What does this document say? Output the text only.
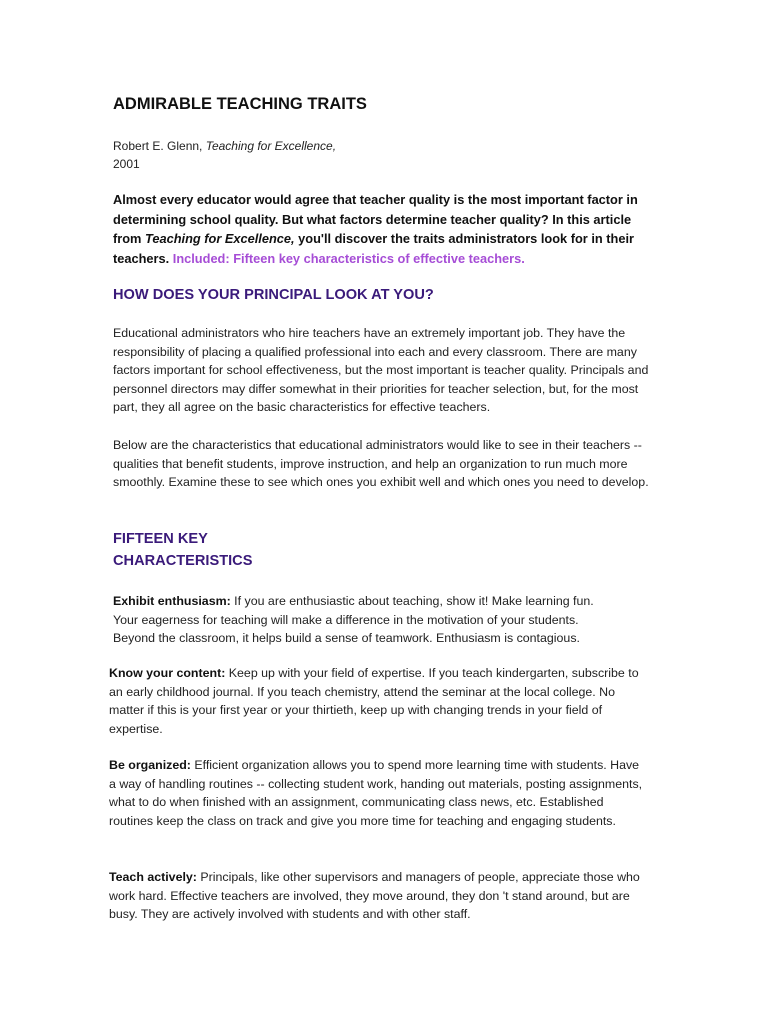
ADMIRABLE TEACHING TRAITS

Robert E. Glenn, Teaching for Excellence,
2001

Almost every educator would agree that teacher quality is the most important factor in determining school quality. But what factors determine teacher quality? In this article from Teaching for Excellence, you'll discover the traits administrators look for in their teachers. Included: Fifteen key characteristics of effective teachers.

HOW DOES YOUR PRINCIPAL LOOK AT YOU?

Educational administrators who hire teachers have an extremely important job. They have the responsibility of placing a qualified professional into each and every classroom. There are many factors important for school effectiveness, but the most important is teacher quality. Principals and personnel directors may differ somewhat in their priorities for teacher selection, but, for the most part, they all agree on the basic characteristics for effective teachers.

Below are the characteristics that educational administrators would like to see in their teachers -- qualities that benefit students, improve instruction, and help an organization to run much more smoothly. Examine these to see which ones you exhibit well and which ones you need to develop.

FIFTEEN KEY CHARACTERISTICS

Exhibit enthusiasm: If you are enthusiastic about teaching, show it! Make learning fun. Your eagerness for teaching will make a difference in the motivation of your students. Beyond the classroom, it helps build a sense of teamwork. Enthusiasm is contagious.

Know your content: Keep up with your field of expertise. If you teach kindergarten, subscribe to an early childhood journal. If you teach chemistry, attend the seminar at the local college. No matter if this is your first year or your thirtieth, keep up with changing trends in your field of expertise.

Be organized: Efficient organization allows you to spend more learning time with students. Have a way of handling routines -- collecting student work, handing out materials, posting assignments, what to do when finished with an assignment, communicating class news, etc. Established routines keep the class on track and give you more time for teaching and engaging students.

Teach actively: Principals, like other supervisors and managers of people, appreciate those who work hard. Effective teachers are involved, they move around, they don 't stand around, but are busy. They are actively involved with students and with other staff.
